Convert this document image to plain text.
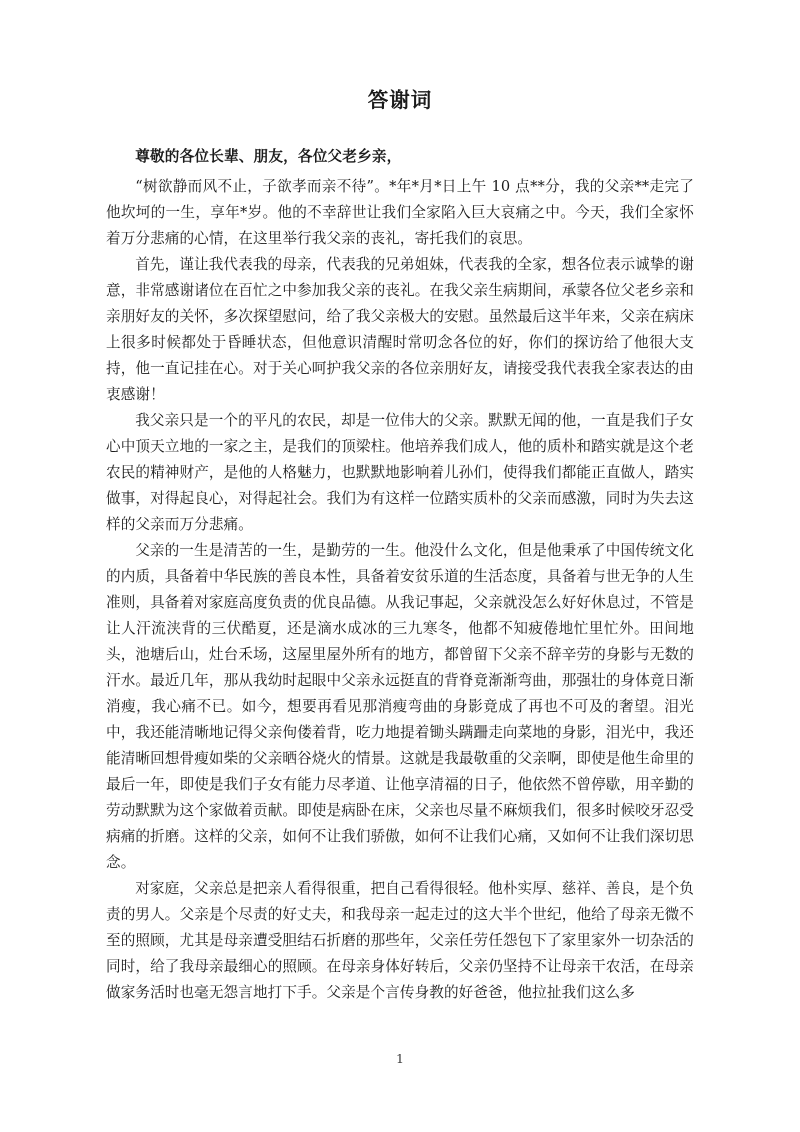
答谢词

尊敬的各位长辈、朋友，各位父老乡亲，

“树欲静而风不止，子欲孝而亲不待”。*年*月*日上午 10 点**分，我的父亲**走完了他坎坷的一生，享年*岁。他的不幸辞世让我们全家陷入巨大哀痛之中。今天，我们全家怀着万分悲痛的心情，在这里举行我父亲的丧礼，寄托我们的哀思。

首先，谨让我代表我的母亲，代表我的兄弟姐妹，代表我的全家，想各位表示诚挚的谢意，非常感谢诸位在百忙之中参加我父亲的丧礼。在我父亲生病期间，承蒙各位父老乡亲和亲朋好友的关怀，多次探望慰问，给了我父亲极大的安慰。虽然最后这半年来，父亲在病床上很多时候都处于昏睡状态，但他意识清醒时常叨念各位的好，你们的探访给了他很大支持，他一直记挂在心。对于关心呵护我父亲的各位亲朋好友，请接受我代表我全家表达的由衷感谢！

我父亲只是一个的平凡的农民，却是一位伟大的父亲。默默无闻的他，一直是我们子女心中顶天立地的一家之主，是我们的顶梁柱。他培养我们成人，他的质朴和踏实就是这个老农民的精神财产，是他的人格魅力，也默默地影响着儿孙们，使得我们都能正直做人，踏实做事，对得起良心，对得起社会。我们为有这样一位踏实质朴的父亲而感激，同时为失去这样的父亲而万分悲痛。

父亲的一生是清苦的一生，是勤劳的一生。他没什么文化，但是他秉承了中国传统文化的内质，具备着中华民族的善良本性，具备着安贫乐道的生活态度，具备着与世无争的人生准则，具备着对家庭高度负责的优良品德。从我记事起，父亲就没怎么好好休息过，不管是让人汗流浃背的三伏酷夏，还是滴水成冰的三九寒冬，他都不知疲倦地忙里忙外。田间地头，池塘后山，灶台禾场，这屋里屋外所有的地方，都曾留下父亲不辞辛劳的身影与无数的汗水。最近几年，那从我幼时起眼中父亲永远挺直的背脊竟渐渐弯曲，那强壮的身体竟日渐消瘦，我心痛不已。如今，想要再看见那消瘦弯曲的身影竟成了再也不可及的奢望。泪光中，我还能清晰地记得父亲佝偻着背，吃力地提着锄头蹒跚走向菜地的身影，泪光中，我还能清晰回想骨瘦如柴的父亲晒谷烧火的情景。这就是我最敬重的父亲啊，即使是他生命里的最后一年，即使是我们子女有能力尽孝道、让他享清福的日子，他依然不曾停歇，用辛勤的劳动默默为这个家做着贡献。即使是病卧在床，父亲也尽量不麻烦我们，很多时候咬牙忍受病痛的折磨。这样的父亲，如何不让我们骄傲，如何不让我们心痛，又如何不让我们深切思念。

对家庭，父亲总是把亲人看得很重，把自己看得很轻。他朴实厚、慈祥、善良，是个负责的男人。父亲是个尽责的好丈夫，和我母亲一起走过的这大半个世纪，他给了母亲无微不至的照顾，尤其是母亲遭受胆结石折磨的那些年，父亲任劳任怨包下了家里家外一切杂活的同时，给了我母亲最细心的照顾。在母亲身体好转后，父亲仍坚持不让母亲干农活，在母亲做家务活时也毫无怨言地打下手。父亲是个言传身教的好爸爸，他拉扯我们这么多

1
